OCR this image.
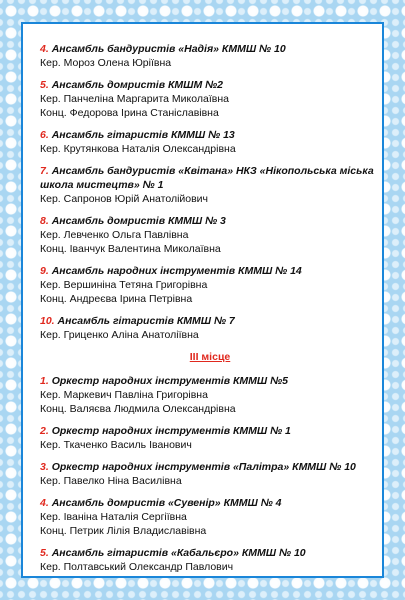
4. Ансамбль бандуристів «Надія» КММШ № 10
Кер. Мороз Олена Юріївна
5. Ансамбль домристів КМШМ №2
Кер. Панчеліна Маргарита Миколаївна
Конц. Федорова Ірина Станіславівна
6. Ансамбль гітаристів КММШ № 13
Кер. Крутянкова Наталія Олександрівна
7. Ансамбль бандуристів «Квітана» НКЗ «Нікопольська міська школа мистецтв» № 1
Кер. Сапронов Юрій Анатолійович
8. Ансамбль домристів КММШ № 3
Кер. Левченко Ольга Павлівна
Конц. Іванчук Валентина Миколаївна
9. Ансамбль народних інструментів КММШ № 14
Кер. Вершиніна Тетяна Григорівна
Конц. Андреєва Ірина Петрівна
10. Ансамбль гітаристів КММШ № 7
Кер. Гриценко Аліна Анатоліївна
ІІІ місце
1. Оркестр народних інструментів КММШ №5
Кер. Маркевич Павліна Григорівна
Конц. Валяєва Людмила Олександрівна
2. Оркестр народних інструментів КММШ № 1
Кер. Ткаченко Василь Іванович
3. Оркестр народних інструментів «Палітра» КММШ № 10
Кер. Павелко Ніна Василівна
4. Ансамбль домристів «Сувенір» КММШ № 4
Кер. Іваніна Наталія Сергіївна
Конц. Петрик Лілія Владиславівна
5. Ансамбль гітаристів «Кабальєро» КММШ № 10
Кер. Полтавський Олександр Павлович
